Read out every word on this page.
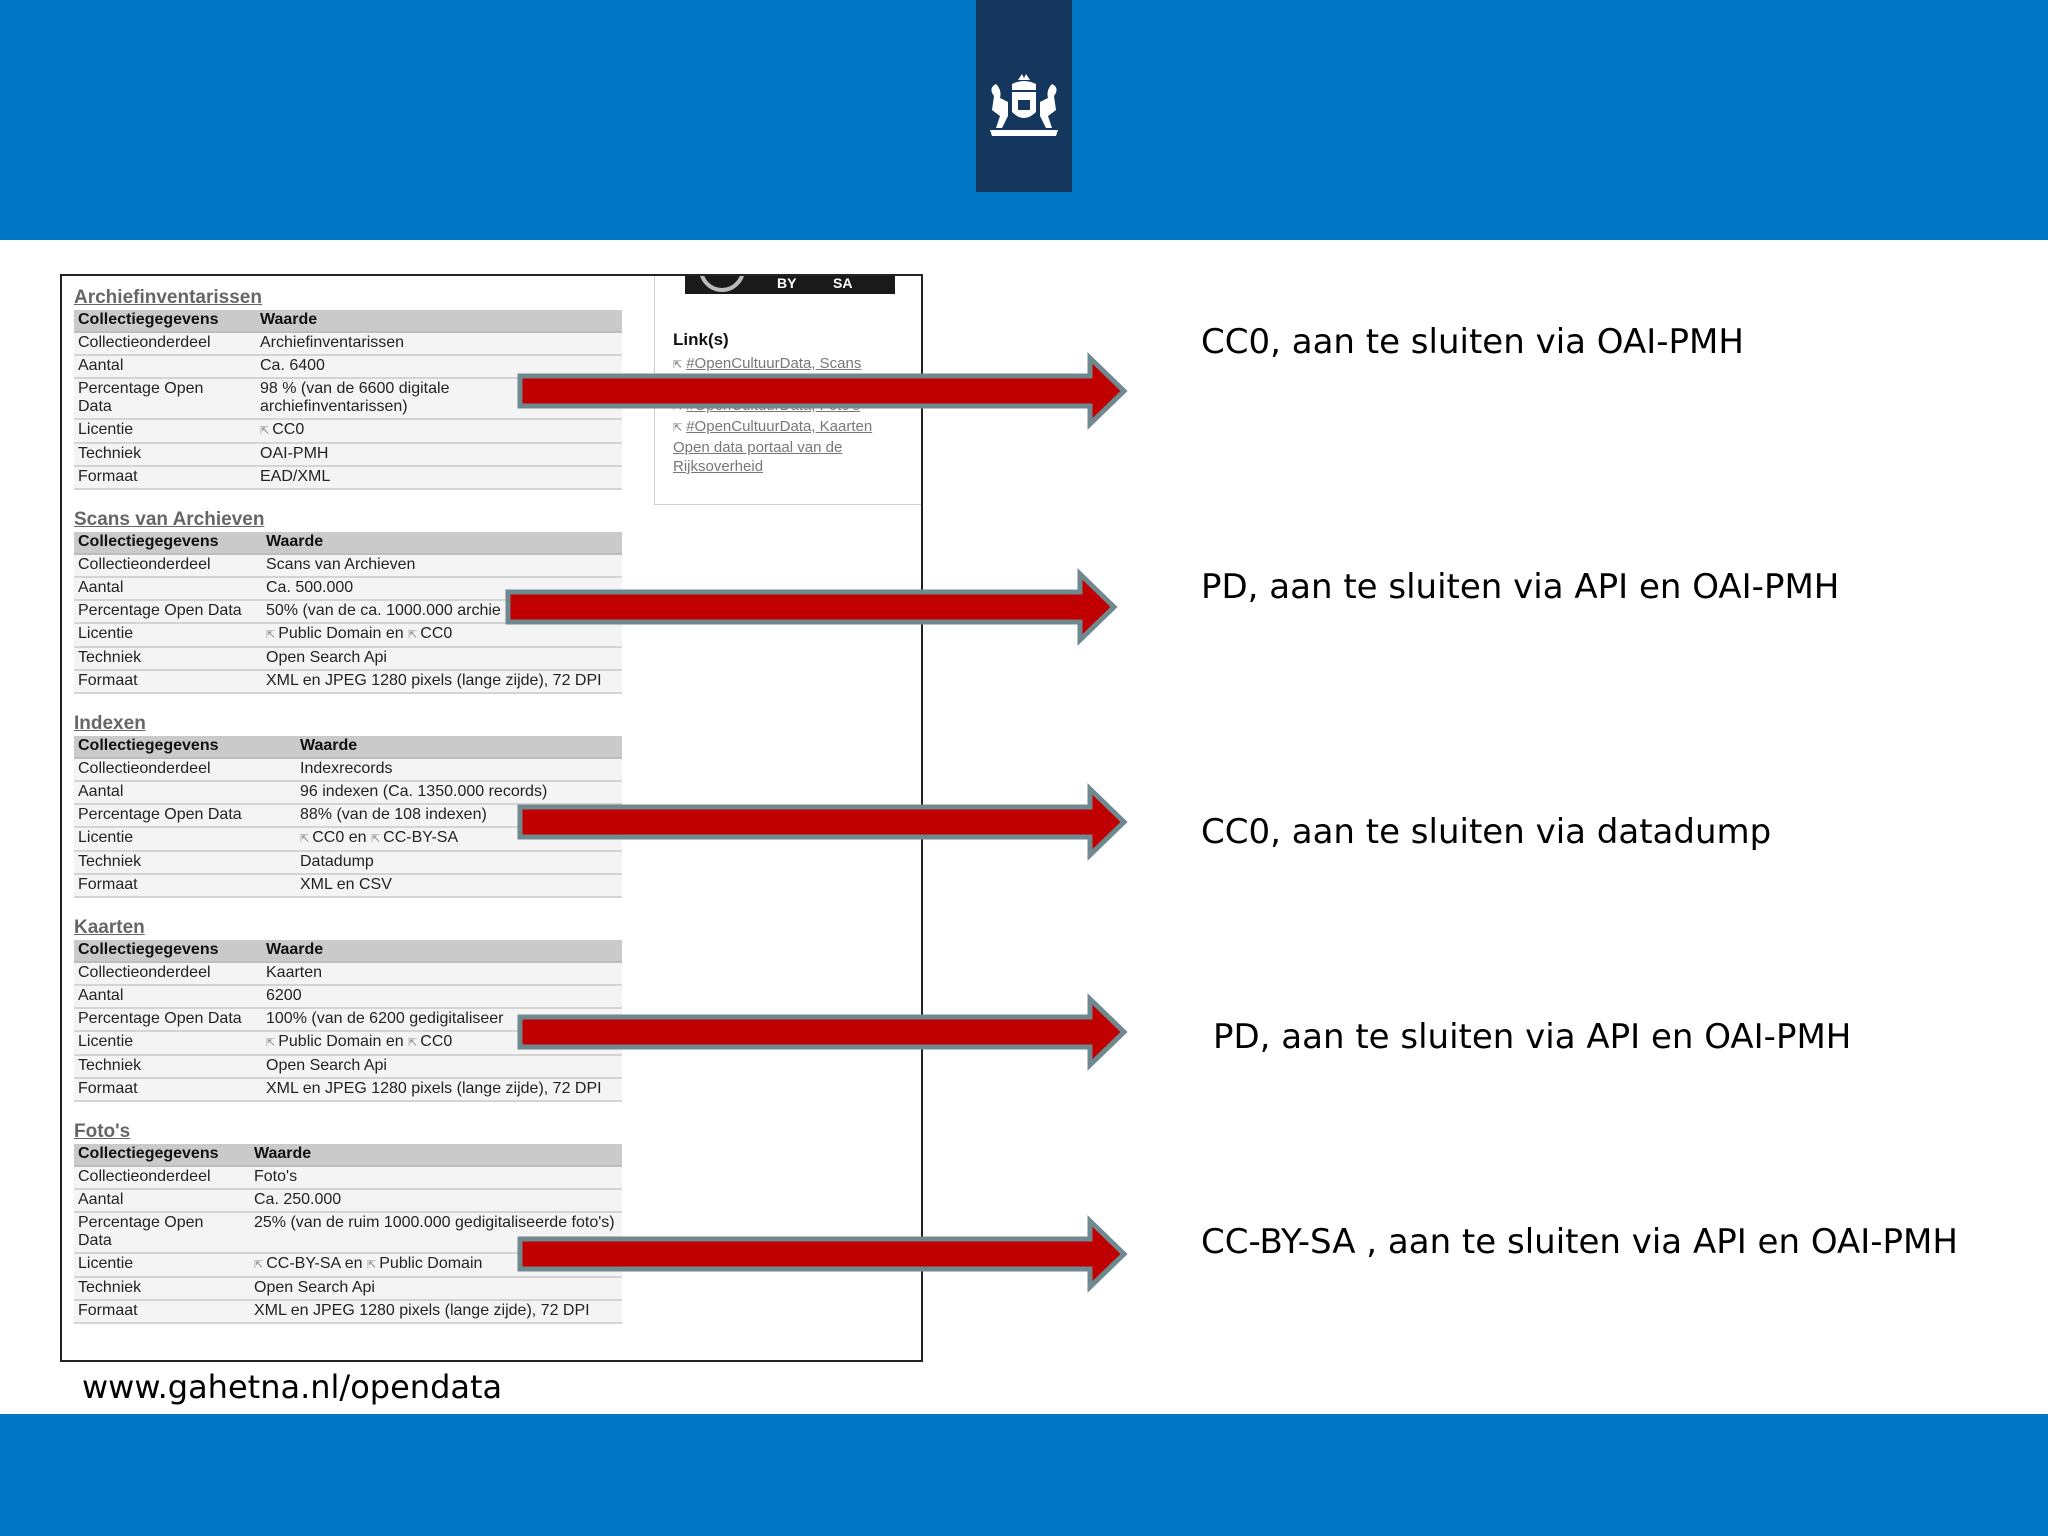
BY	SA
Link(s)
⇱ #OpenCultuurData, Scans
⇱ #OpenCultuurData, Kaarten
Open data portaal van de
Rijksoverheid
Archiefinventarissen
Collectiegegevens	Waarde
Collectieonderdeel	Archiefinventarissen
Aantal	Ca. 6400
Percentage Open Data	98 % (van de 6600 digitale archiefinventarissen)
Licentie	⇱ CC0
Techniek	OAI-PMH
Formaat	EAD/XML
Scans van Archieven
Collectiegegevens	Waarde
Collectieonderdeel	Scans van Archieven
Aantal	Ca. 500.000
Percentage Open Data	50% (van de ca. 1000.000 archie
Licentie	⇱ Public Domain en ⇱ CC0
Techniek	Open Search Api
Formaat	XML en JPEG 1280 pixels (lange zijde), 72 DPI
Indexen
Collectiegegevens	Waarde
Collectieonderdeel	Indexrecords
Aantal	96 indexen (Ca. 1350.000 records)
Percentage Open Data	88% (van de 108 indexen)
Licentie	⇱ CC0 en ⇱ CC-BY-SA
Techniek	Datadump
Formaat	XML en CSV
Kaarten
Collectiegegevens	Waarde
Collectieonderdeel	Kaarten
Aantal	6200
Percentage Open Data	100% (van de 6200 gedigitaliseer
Licentie	⇱ Public Domain en ⇱ CC0
Techniek	Open Search Api
Formaat	XML en JPEG 1280 pixels (lange zijde), 72 DPI
Foto's
Collectiegegevens	Waarde
Collectieonderdeel	Foto's
Aantal	Ca. 250.000
Percentage Open Data	25% (van de ruim 1000.000 gedigitaliseerde foto's)
Licentie	⇱ CC-BY-SA en ⇱ Public Domain
Techniek	Open Search Api
Formaat	XML en JPEG 1280 pixels (lange zijde), 72 DPI
CC0, aan te sluiten via OAI-PMH
PD, aan te sluiten via API en OAI-PMH
CC0, aan te sluiten via datadump
PD, aan te sluiten via API en OAI-PMH
CC-BY-SA , aan te sluiten via API en OAI-PMH
www.gahetna.nl/opendata
